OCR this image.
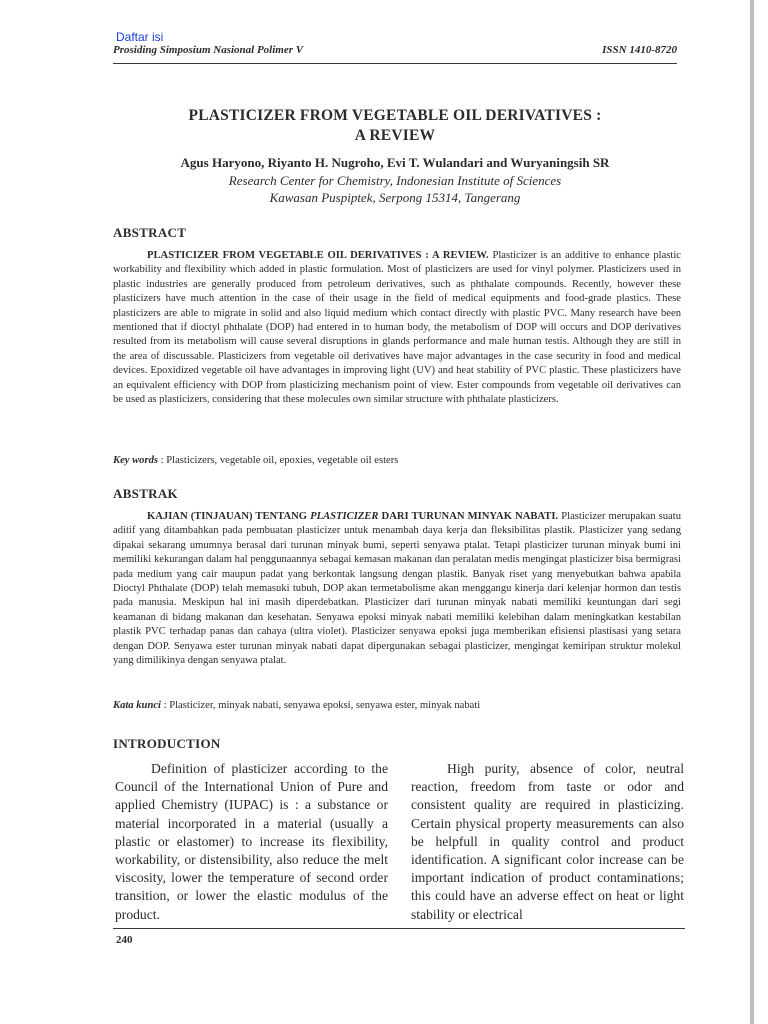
Daftar isi
Prosiding Simposium Nasional Polimer V	ISSN 1410-8720
PLASTICIZER FROM VEGETABLE OIL DERIVATIVES :
A REVIEW
Agus Haryono, Riyanto H. Nugroho, Evi T. Wulandari and Wuryaningsih SR
Research Center for Chemistry, Indonesian Institute of Sciences
Kawasan Puspiptek, Serpong 15314, Tangerang
ABSTRACT
PLASTICIZER FROM VEGETABLE OIL DERIVATIVES : A REVIEW. Plasticizer is an additive to enhance plastic workability and flexibility which added in plastic formulation. Most of plasticizers are used for vinyl polymer. Plasticizers used in plastic industries are generally produced from petroleum derivatives, such as phthalate compounds. Recently, however these plasticizers have much attention in the case of their usage in the field of medical equipments and food-grade plastics. These plasticizers are able to migrate in solid and also liquid medium which contact directly with plastic PVC. Many research have been mentioned that if dioctyl phthalate (DOP) had entered in to human body, the metabolism of DOP will occurs and DOP derivatives resulted from its metabolism will cause several disruptions in glands performance and male human testis. Although they are still in the area of discussable. Plasticizers from vegetable oil derivatives have major advantages in the case security in food and medical devices. Epoxidized vegetable oil have advantages in improving light (UV) and heat stability of PVC plastic. These plasticizers have an equivalent efficiency with DOP from plasticizing mechanism point of view. Ester compounds from vegetable oil derivatives can be used as plasticizers, considering that these molecules own similar structure with phthalate plasticizers.
Key words : Plasticizers, vegetable oil, epoxies, vegetable oil esters
ABSTRAK
KAJIAN (TINJAUAN) TENTANG PLASTICIZER DARI TURUNAN MINYAK NABATI. Plasticizer merupakan suatu aditif yang ditambahkan pada pembuatan plasticizer untuk menambah daya kerja dan fleksibilitas plastik. Plasticizer yang sedang dipakai sekarang umumnya berasal dari turunan minyak bumi, seperti senyawa ptalat. Tetapi plasticizer turunan minyak bumi ini memiliki kekurangan dalam hal penggunaannya sebagai kemasan makanan dan peralatan medis mengingat plasticizer bisa bermigrasi pada medium yang cair maupun padat yang berkontak langsung dengan plastik. Banyak riset yang menyebutkan bahwa apabila Dioctyl Phthalate (DOP) telah memasuki tubuh, DOP akan termetabolisme akan menggangu kinerja dari kelenjar hormon dan testis pada manusia. Meskipun hal ini masih diperdebatkan. Plasticizer dari turunan minyak nabati memiliki keuntungan dari segi keamanan di bidang makanan dan kesehatan. Senyawa epoksi minyak nabati memiliki kelebihan dalam meningkatkan kestabilan plastik PVC terhadap panas dan cahaya (ultra violet). Plasticizer senyawa epoksi juga memberikan efisiensi plastisasi yang setara dengan DOP. Senyawa ester turunan minyak nabati dapat dipergunakan sebagai plasticizer, mengingat kemiripan struktur molekul yang dimilikinya dengan senyawa ptalat.
Kata kunci : Plasticizer, minyak nabati, senyawa epoksi, senyawa ester, minyak nabati
INTRODUCTION
Definition of plasticizer according to the Council of the International Union of Pure and applied Chemistry (IUPAC) is : a substance or material incorporated in a material (usually a plastic or elastomer) to increase its flexibility, workability, or distensibility, also reduce the melt viscosity, lower the temperature of second order transition, or lower the elastic modulus of the product.
High purity, absence of color, neutral reaction, freedom from taste or odor and consistent quality are required in plasticizing. Certain physical property measurements can also be helpfull in quality control and product identification. A significant color increase can be important indication of product contaminations; this could have an adverse effect on heat or light stability or electrical
240
